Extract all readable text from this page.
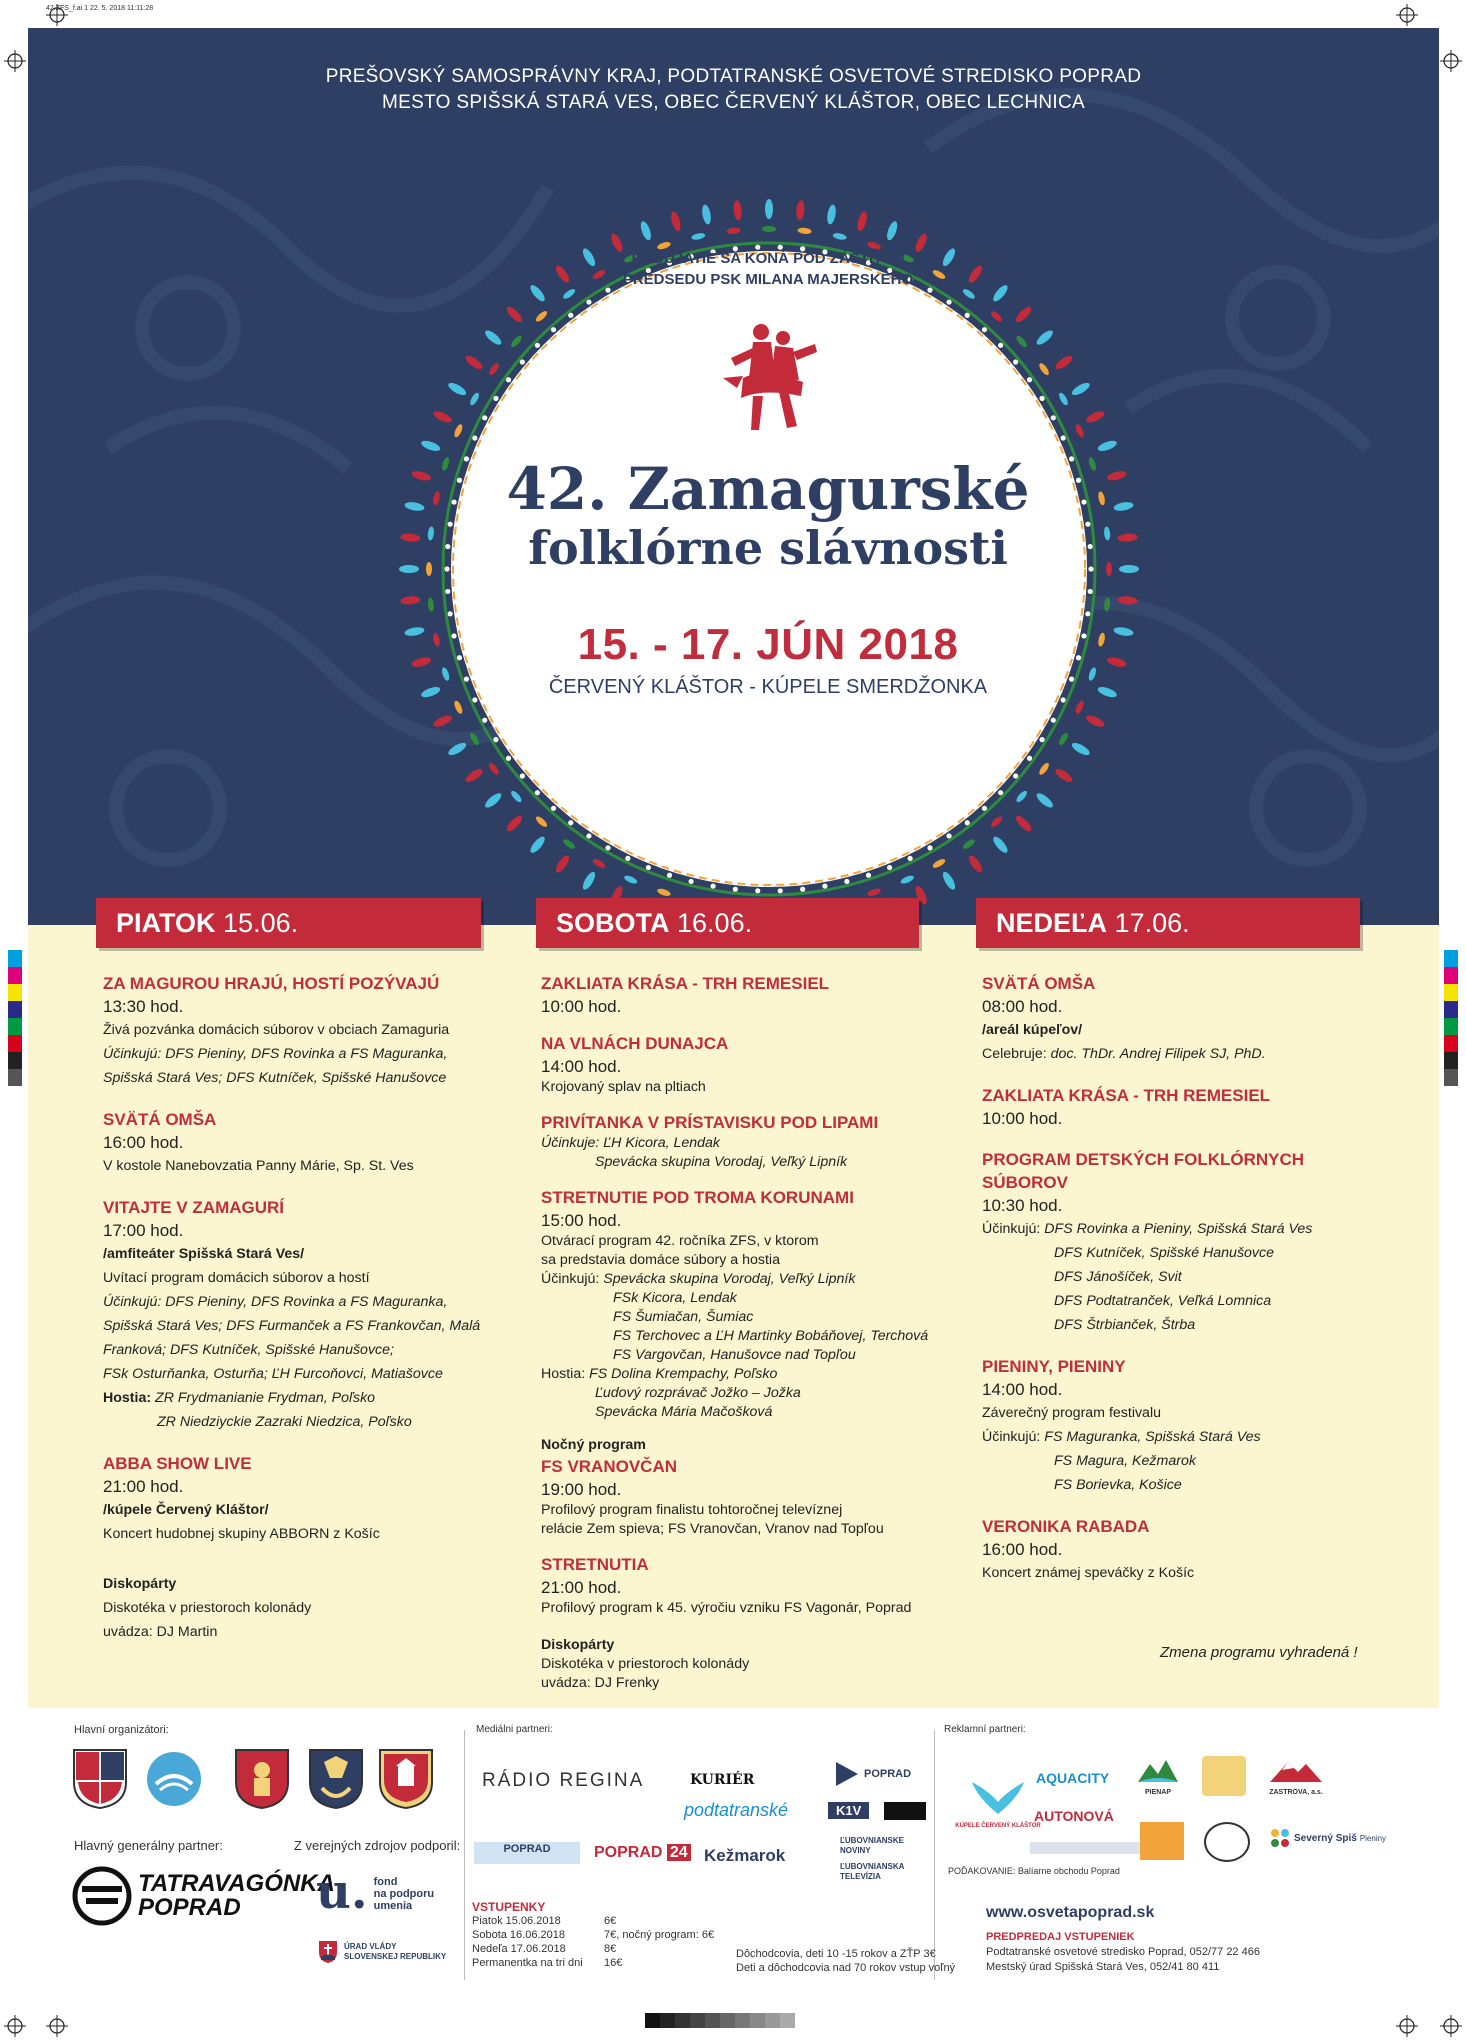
42.ZFS_f.ai 1 22. 5. 2018 11:11:28
PREŠOVSKÝ SAMOSPRÁVNY KRAJ, PODTATRANSKÉ OSVETOVÉ STREDISKO POPRAD
MESTO SPIŠSKÁ STARÁ VES, OBEC ČERVENÝ KLÁŠTOR, OBEC LECHNICA
PODUJATIE SA KONÁ POD ZÁŠTITOU
PREDSEDU PSK MILANA MAJERSKÉHO
42. Zamagurské
folklórne slávnosti
15. - 17. JÚN 2018
ČERVENÝ KLÁŠTOR - KÚPELE SMERDŽONKA
PIATOK 15.06.	SOBOTA 16.06.	NEDEĽA 17.06.
ZA MAGUROU HRAJÚ, HOSTÍ POZÝVAJÚ
13:30 hod.
Živá pozvánka domácich súborov v obciach Zamaguria
Účinkujú: DFS Pieniny, DFS Rovinka a FS Maguranka,
Spišská Stará Ves; DFS Kutníček, Spišské Hanušovce
SVÄTÁ OMŠA
16:00 hod.
V kostole Nanebovzatia Panny Márie, Sp. St. Ves
VITAJTE V ZAMAGURÍ
17:00 hod.
/amfiteáter Spišská Stará Ves/
Uvítací program domácich súborov a hostí
Účinkujú: DFS Pieniny, DFS Rovinka a FS Maguranka,
Spišská Stará Ves; DFS Furmanček a FS Frankovčan, Malá
Franková; DFS Kutníček, Spišské Hanušovce;
FSk Osturňanka, Osturňa; ĽH Furcoňovci, Matiašovce
Hostia: ZR Frydmanianie Frydman, Poľsko
ZR Niedziyckie Zazraki Niedzica, Poľsko
ABBA SHOW LIVE
21:00 hod.
/kúpele Červený Kláštor/
Koncert hudobnej skupiny ABBORN z Košíc
Diskopárty
Diskotéka v priestoroch kolonády
uvádza: DJ Martin
ZAKLIATA KRÁSA - TRH REMESIEL
10:00 hod.
NA VLNÁCH DUNAJCA
14:00 hod.
Krojovaný splav na pltiach
PRIVÍTANKA V PRÍSTAVISKU POD LIPAMI
Účinkuje: ĽH Kicora, Lendak
Spevácka skupina Vorodaj, Veľký Lipník
STRETNUTIE POD TROMA KORUNAMI
15:00 hod.
Otvárací program 42. ročníka ZFS, v ktorom
sa predstavia domáce súbory a hostia
Účinkujú: Spevácka skupina Vorodaj, Veľký Lipník
FSk Kicora, Lendak
FS Šumiačan, Šumiac
FS Terchovec a ĽH Martinky Bobáňovej, Terchová
FS Vargovčan, Hanušovce nad Topľou
Hostia: FS Dolina Krempachy, Poľsko
Ľudový rozprávač Jožko – Jožka
Spevácka Mária Mačošková
Nočný program
FS VRANOVČAN
19:00 hod.
Profilový program finalistu tohtoročnej televíznej
relácie Zem spieva; FS Vranovčan, Vranov nad Topľou
STRETNUTIA
21:00 hod.
Profilový program k 45. výročiu vzniku FS Vagonár, Poprad
Diskopárty
Diskotéka v priestoroch kolonády
uvádza: DJ Frenky
SVÄTÁ OMŠA
08:00 hod.
/areál kúpeľov/
Celebruje: doc. ThDr. Andrej Filipek SJ, PhD.
ZAKLIATA KRÁSA - TRH REMESIEL
10:00 hod.
PROGRAM DETSKÝCH FOLKLÓRNYCH SÚBOROV
10:30 hod.
Účinkujú: DFS Rovinka a Pieniny, Spišská Stará Ves
DFS Kutníček, Spišské Hanušovce
DFS Jánošíček, Svit
DFS Podtatranček, Veľká Lomnica
DFS Štrbianček, Štrba
PIENINY, PIENINY
14:00 hod.
Záverečný program festivalu
Účinkujú: FS Maguranka, Spišská Stará Ves
FS Magura, Kežmarok
FS Borievka, Košice
VERONIKA RABADA
16:00 hod.
Koncert známej speváčky z Košíc
Zmena programu vyhradená !
Hlavní organizátori:	Mediálni partneri:	Reklamní partneri:
Hlavný generálny partner:	Z verejných zdrojov podporil:
TATRAVAGÓNKA
POPRAD	u. fond
na podporu
umenia
ÚRAD VLÁDY
SLOVENSKEJ REPUBLIKY
RÁDIO REGINA	KURIÉR	POPRAD
podtatranské	K1V
POPRAD	POPRAD 24 Kežmarok
ĽUBOVNIANSKE
NOVINY
ĽUBOVNIANSKA
TELEVÍZIA
KÚPELE ČERVENÝ KLÁŠTOR
AQUACITY
PIENAP	ZASTROVA, a.s.
AUTONOVÁ
Severný Spiš Pieniny
POĎAKOVANIE: Balíarne obchodu Poprad
VSTUPENKY
Piatok 15.06.2018	6€
Sobota 16.06.2018	7€, nočný program: 6€
Nedeľa 17.06.2018	8€
Permanentka na tri dni	16€
Dôchodcovia, deti 10 -15 rokov a ZŤP 3€
Deti a dôchodcovia nad 70 rokov vstup voľný
www.osvetapoprad.sk
PREDPREDAJ VSTUPENIEK
Podtatranské osvetové stredisko Poprad, 052/77 22 466
Mestský úrad Spišská Stará Ves, 052/41 80 411
